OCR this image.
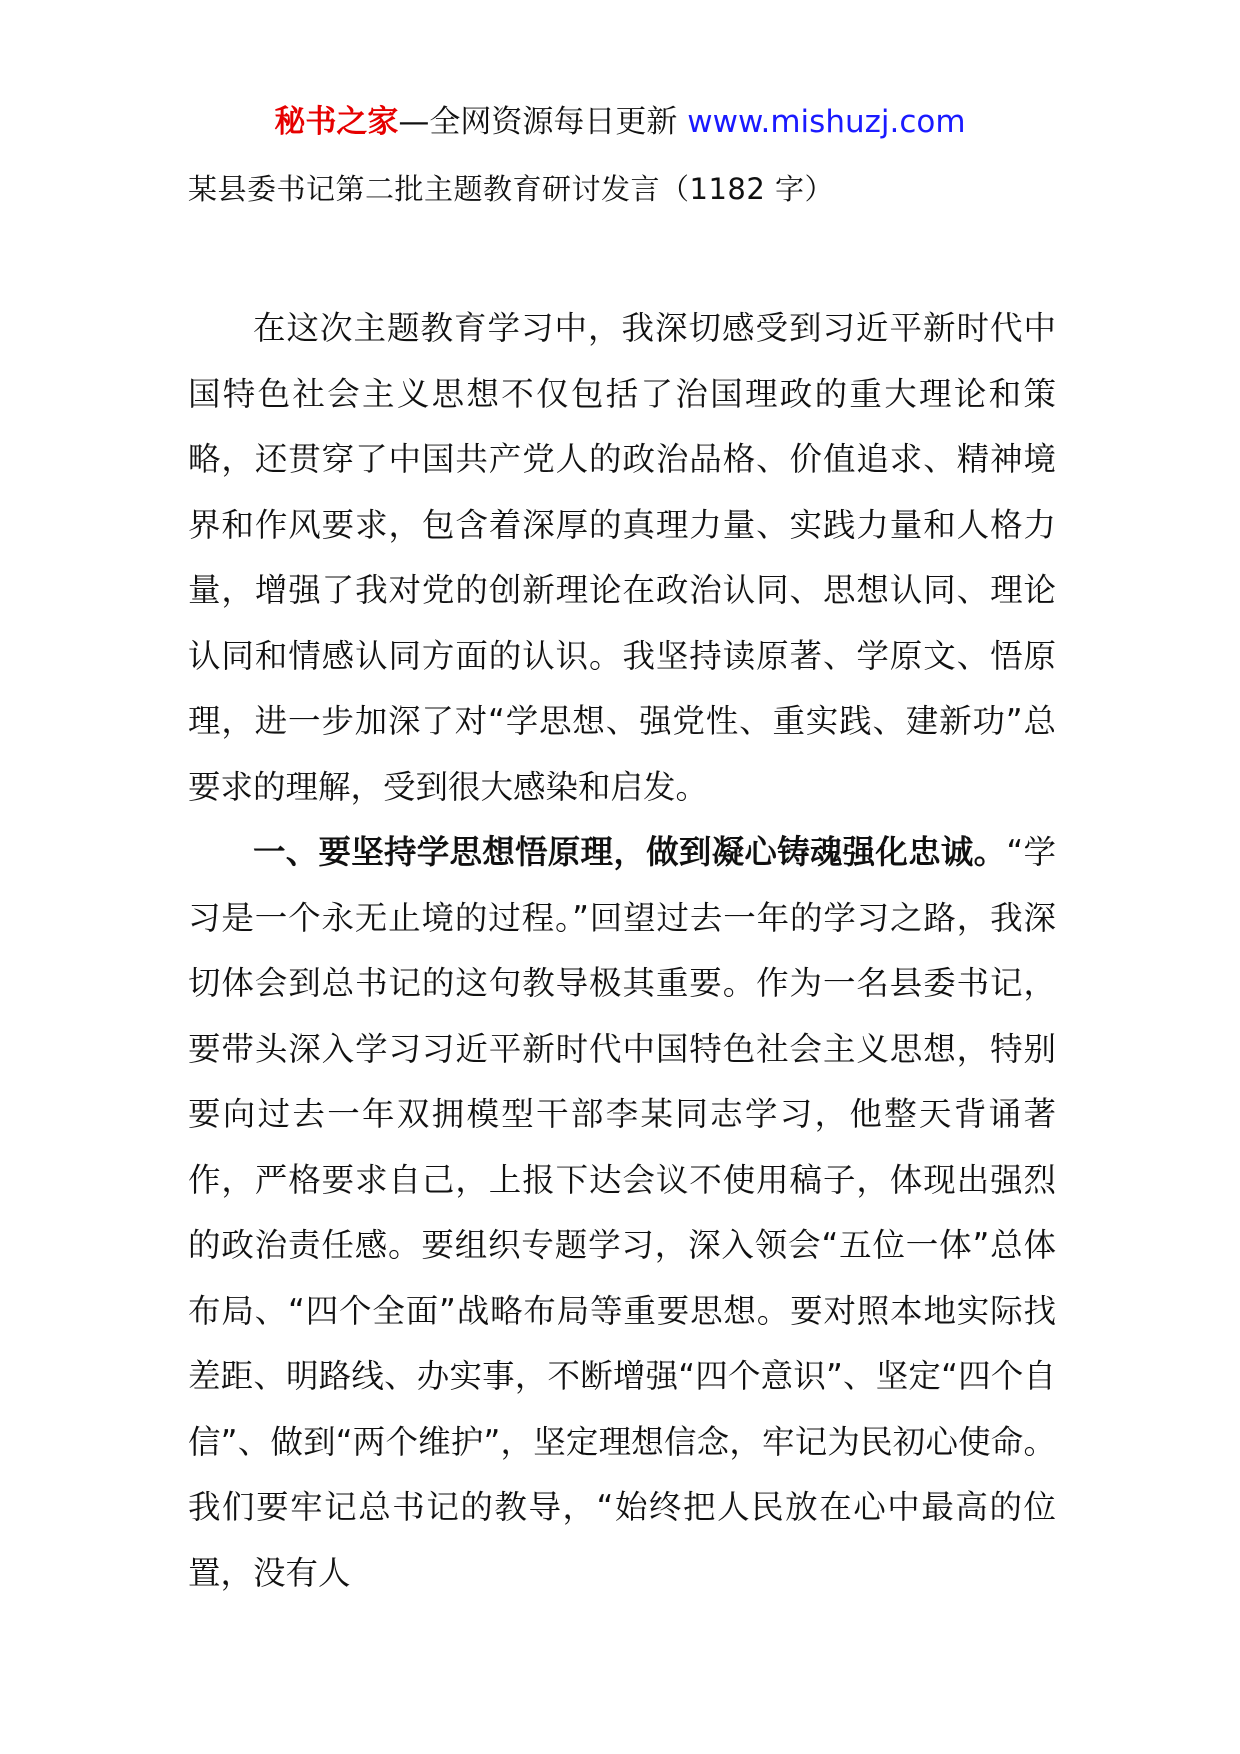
秘书之家—全网资源每日更新 www.mishuzj.com
某县委书记第二批主题教育研讨发言（1182 字）

在这次主题教育学习中，我深切感受到习近平新时代中国特色社会主义思想不仅包括了治国理政的重大理论和策略，还贯穿了中国共产党人的政治品格、价值追求、精神境界和作风要求，包含着深厚的真理力量、实践力量和人格力量，增强了我对党的创新理论在政治认同、思想认同、理论认同和情感认同方面的认识。我坚持读原著、学原文、悟原理，进一步加深了对“学思想、强党性、重实践、建新功”总要求的理解，受到很大感染和启发。

一、要坚持学思想悟原理，做到凝心铸魂强化忠诚。“学习是一个永无止境的过程。”回望过去一年的学习之路，我深切体会到总书记的这句教导极其重要。作为一名县委书记，要带头深入学习习近平新时代中国特色社会主义思想，特别要向过去一年双拥模型干部李某同志学习，他整天背诵著作，严格要求自己，上报下达会议不使用稿子，体现出强烈的政治责任感。要组织专题学习，深入领会“五位一体”总体布局、“四个全面”战略布局等重要思想。要对照本地实际找差距、明路线、办实事，不断增强“四个意识”、坚定“四个自信”、做到“两个维护”，坚定理想信念，牢记为民初心使命。我们要牢记总书记的教导，“始终把人民放在心中最高的位置，没有人
